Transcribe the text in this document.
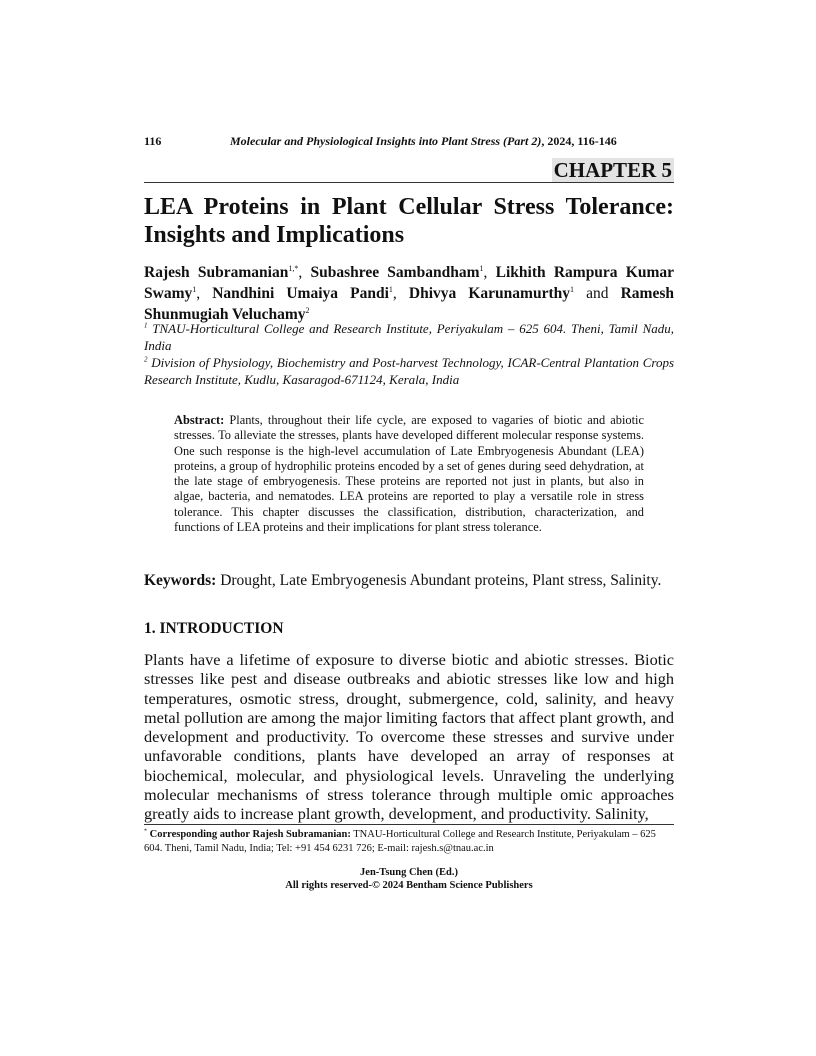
116	Molecular and Physiological Insights into Plant Stress (Part 2), 2024, 116-146
CHAPTER 5
LEA Proteins in Plant Cellular Stress Tolerance:
Insights and Implications
Rajesh Subramanian$^{1,*}$, Subashree Sambandham$^1$, Likhith Rampura Kumar Swamy$^1$, Nandhini Umaiya Pandi$^1$, Dhivya Karunamurthy$^1$ and Ramesh Shunmugiah Veluchamy$^2$
$^1$ TNAU-Horticultural College and Research Institute, Periyakulam – 625 604. Theni, Tamil Nadu, India
$^2$ Division of Physiology, Biochemistry and Post-harvest Technology, ICAR-Central Plantation Crops Research Institute, Kudlu, Kasaragod-671124, Kerala, India
Abstract: Plants, throughout their life cycle, are exposed to vagaries of biotic and abiotic stresses. To alleviate the stresses, plants have developed different molecular response systems. One such response is the high-level accumulation of Late Embryogenesis Abundant (LEA) proteins, a group of hydrophilic proteins encoded by a set of genes during seed dehydration, at the late stage of embryogenesis. These proteins are reported not just in plants, but also in algae, bacteria, and nematodes. LEA proteins are reported to play a versatile role in stress tolerance. This chapter discusses the classification, distribution, characterization, and functions of LEA proteins and their implications for plant stress tolerance.
Keywords: Drought, Late Embryogenesis Abundant proteins, Plant stress, Salinity.
1. INTRODUCTION
Plants have a lifetime of exposure to diverse biotic and abiotic stresses. Biotic stresses like pest and disease outbreaks and abiotic stresses like low and high temperatures, osmotic stress, drought, submergence, cold, salinity, and heavy metal pollution are among the major limiting factors that affect plant growth, and development and productivity. To overcome these stresses and survive under unfavorable conditions, plants have developed an array of responses at biochemical, molecular, and physiological levels. Unraveling the underlying molecular mechanisms of stress tolerance through multiple omic approaches greatly aids to increase plant growth, development, and productivity. Salinity,
* Corresponding author Rajesh Subramanian: TNAU-Horticultural College and Research Institute, Periyakulam – 625 604. Theni, Tamil Nadu, India; Tel: +91 454 6231 726; E-mail: rajesh.s@tnau.ac.in
Jen-Tsung Chen (Ed.)
All rights reserved-© 2024 Bentham Science Publishers
